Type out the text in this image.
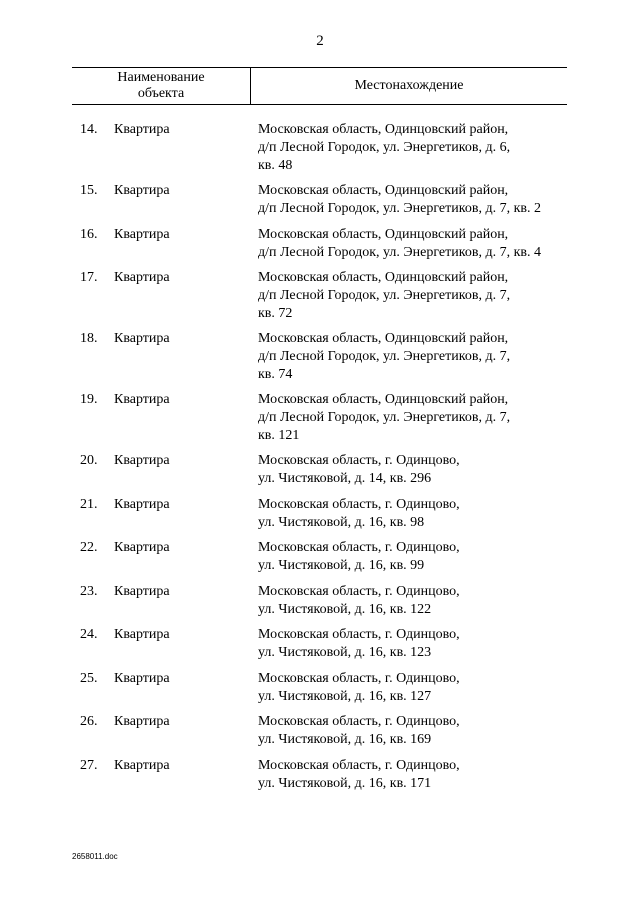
2
Наименование объекта
Местонахождение
14.	Квартира	Московская область, Одинцовский район,
д/п Лесной Городок, ул. Энергетиков, д. 6,
кв. 48
15.	Квартира	Московская область, Одинцовский район,
д/п Лесной Городок, ул. Энергетиков, д. 7, кв. 2
16.	Квартира	Московская область, Одинцовский район,
д/п Лесной Городок, ул. Энергетиков, д. 7, кв. 4
17.	Квартира	Московская область, Одинцовский район,
д/п Лесной Городок, ул. Энергетиков, д. 7,
кв. 72
18.	Квартира	Московская область, Одинцовский район,
д/п Лесной Городок, ул. Энергетиков, д. 7,
кв. 74
19.	Квартира	Московская область, Одинцовский район,
д/п Лесной Городок, ул. Энергетиков, д. 7,
кв. 121
20.	Квартира	Московская область, г. Одинцово,
ул. Чистяковой, д. 14, кв. 296
21.	Квартира	Московская область, г. Одинцово,
ул. Чистяковой, д. 16, кв. 98
22.	Квартира	Московская область, г. Одинцово,
ул. Чистяковой, д. 16, кв. 99
23.	Квартира	Московская область, г. Одинцово,
ул. Чистяковой, д. 16, кв. 122
24.	Квартира	Московская область, г. Одинцово,
ул. Чистяковой, д. 16, кв. 123
25.	Квартира	Московская область, г. Одинцово,
ул. Чистяковой, д. 16, кв. 127
26.	Квартира	Московская область, г. Одинцово,
ул. Чистяковой, д. 16, кв. 169
27.	Квартира	Московская область, г. Одинцово,
ул. Чистяковой, д. 16, кв. 171
2658011.doc
